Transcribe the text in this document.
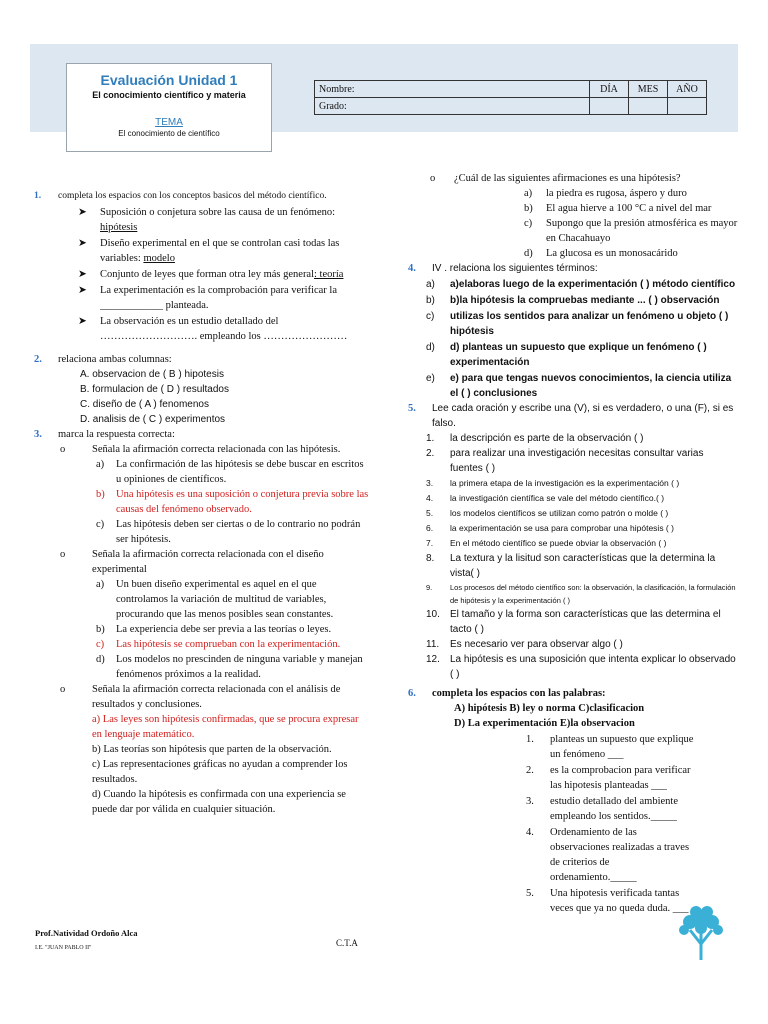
Evaluación Unidad 1
El conocimiento científico y materia
TEMA
El conocimiento de científico
Nombre:	DÍA	MES	AÑO
Grado:			
1. completa los espacios con los conceptos basicos del método científico.
➤ Suposición o conjetura sobre las causa de un fenómeno: hipótesis
➤ Diseño experimental en el que se controlan casi todas las variables: modelo
➤ Conjunto de leyes que forman otra ley más general: teoría
➤ La experimentación es la comprobación para verificar la ____________ planteada.
➤ La observación es un estudio detallado del ………………………. empleando los ……………………
2. relaciona ambas columnas:
A. observacion de ( B ) hipotesis
B. formulacion de ( D ) resultados
C. diseño de ( A ) fenomenos
D. analisis de ( C ) experimentos
3. marca la respuesta correcta:
o	Señala la afirmación correcta relacionada con las hipótesis.
a) La confirmación de las hipótesis se debe buscar en escritos u opiniones de científicos.
b) Una hipótesis es una suposición o conjetura previa sobre las causas del fenómeno observado.
c) Las hipótesis deben ser ciertas o de lo contrario no podrán ser hipótesis.
o	Señala la afirmación correcta relacionada con el diseño experimental
a) Un buen diseño experimental es aquel en el que controlamos la variación de multitud de variables, procurando que las menos posibles sean constantes.
b) La experiencia debe ser previa a las teorías o leyes.
c) Las hipótesis se comprueban con la experimentación.
d) Los modelos no prescinden de ninguna variable y manejan fenómenos próximos a la realidad.
o	Señala la afirmación correcta relacionada con el análisis de resultados y conclusiones.
a) Las leyes son hipótesis confirmadas, que se procura expresar en lenguaje matemático.
b) Las teorías son hipótesis que parten de la observación.
c) Las representaciones gráficas no ayudan a comprender los resultados.
d) Cuando la hipótesis es confirmada con una experiencia se puede dar por válida en cualquier situación.
o ¿Cuál de las siguientes afirmaciones es una hipótesis?
a) la piedra es rugosa, áspero y duro
b) El agua hierve a 100 °C a nivel del mar
c) Supongo que la presión atmosférica es mayor en Chacahuayo
d) La glucosa es un monosacárido
4. IV . relaciona los siguientes términos:
a) a)elaboras luego de la experimentación ( ) método científico
b) b)la hipótesis la compruebas mediante ... ( ) observación
c) utilizas los sentidos para analizar un fenómeno u objeto ( ) hipótesis
d) d) planteas un supuesto que explique un fenómeno ( ) experimentación
e) e) para que tengas nuevos conocimientos, la ciencia utiliza el ( ) conclusiones
5. Lee cada oración y escribe una (V), si es verdadero, o una (F), si es falso.
1. la descripción es parte de la observación ( )
2. para realizar una investigación necesitas consultar varias fuentes ( )
3. la primera etapa de la investigación es la experimentación ( )
4. la investigación científica se vale del método científico.( )
5. los modelos científicos se utilizan como patrón o molde ( )
6. la experimentación se usa para comprobar una hipótesis ( )
7. En el método científico se puede obviar la observación ( )
8. La textura y la lisitud son características que la determina la vista( )
9. Los procesos del método científico son: la observación, la clasificación, la formulación de hipótesis y la experimentación ( )
10. El tamaño y la forma son características que las determina el tacto ( )
11. Es necesario ver para observar algo ( )
12. La hipótesis es una suposición que intenta explicar lo observado ( )
6. completa los espacios con las palabras:
A) hipótesis B) ley o norma C)clasificacion
D) La experimentación E)la observacion
1. planteas un supuesto que explique un fenómeno ___
2. es la comprobacion para verificar las hipotesis planteadas ___
3. estudio detallado del ambiente empleando los sentidos._____
4. Ordenamiento de las observaciones realizadas a traves de criterios de ordenamiento._____
5. Una hipotesis verificada tantas veces que ya no queda duda. ___
Prof.Natividad Ordoño Alca
I.E. "JUAN PABLO II"	C.T.A
